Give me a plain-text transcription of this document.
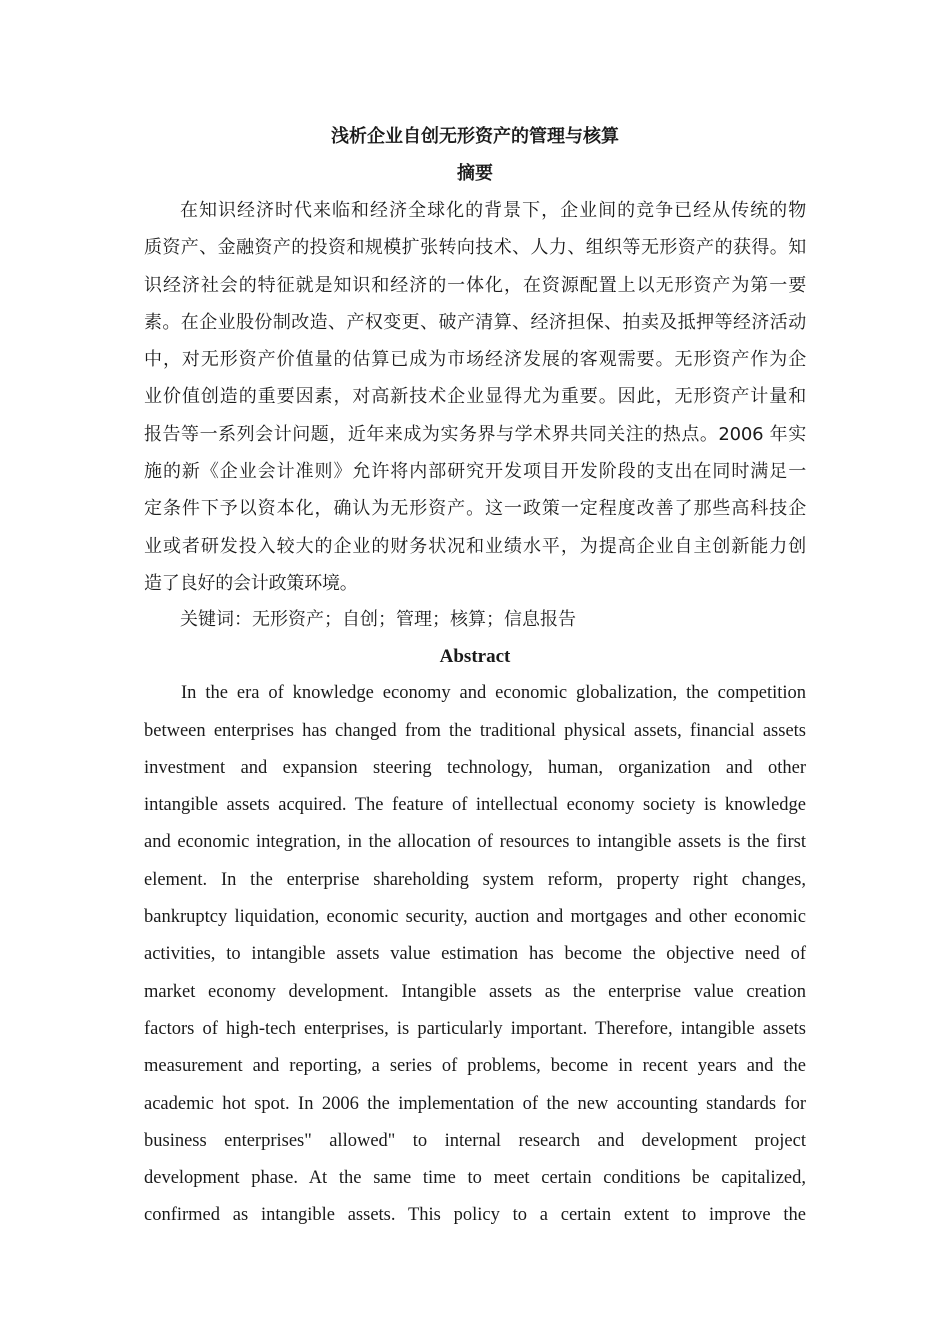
浅析企业自创无形资产的管理与核算
摘要
在知识经济时代来临和经济全球化的背景下，企业间的竞争已经从传统的物
质资产、金融资产的投资和规模扩张转向技术、人力、组织等无形资产的获得。知
识经济社会的特征就是知识和经济的一体化，在资源配置上以无形资产为第一要
素。在企业股份制改造、产权变更、破产清算、经济担保、拍卖及抵押等经济活动
中，对无形资产价值量的估算已成为市场经济发展的客观需要。无形资产作为企
业价值创造的重要因素，对高新技术企业显得尤为重要。因此，无形资产计量和
报告等一系列会计问题，近年来成为实务界与学术界共同关注的热点。2006 年实
施的新《企业会计准则》允许将内部研究开发项目开发阶段的支出在同时满足一
定条件下予以资本化，确认为无形资产。这一政策一定程度改善了那些高科技企
业或者研发投入较大的企业的财务状况和业绩水平，为提高企业自主创新能力创
造了良好的会计政策环境。

关键词：无形资产；自创；管理；核算；信息报告

Abstract
In the era of knowledge economy and economic globalization, the competition
between enterprises has changed from the traditional physical assets, financial assets
investment and expansion steering technology, human, organization and other
intangible assets acquired. The feature of intellectual economy society is knowledge
and economic integration, in the allocation of resources to intangible assets is the first
element. In the enterprise shareholding system reform, property right changes,
bankruptcy liquidation, economic security, auction and mortgages and other economic
activities, to intangible assets value estimation has become the objective need of
market economy development. Intangible assets as the enterprise value creation
factors of high-tech enterprises, is particularly important. Therefore, intangible assets
measurement and reporting, a series of problems, become in recent years and the
academic hot spot. In 2006 the implementation of the new accounting standards for
business enterprises" allowed" to internal research and development project
development phase. At the same time to meet certain conditions be capitalized,
confirmed as intangible assets. This policy to a certain extent to improve the
